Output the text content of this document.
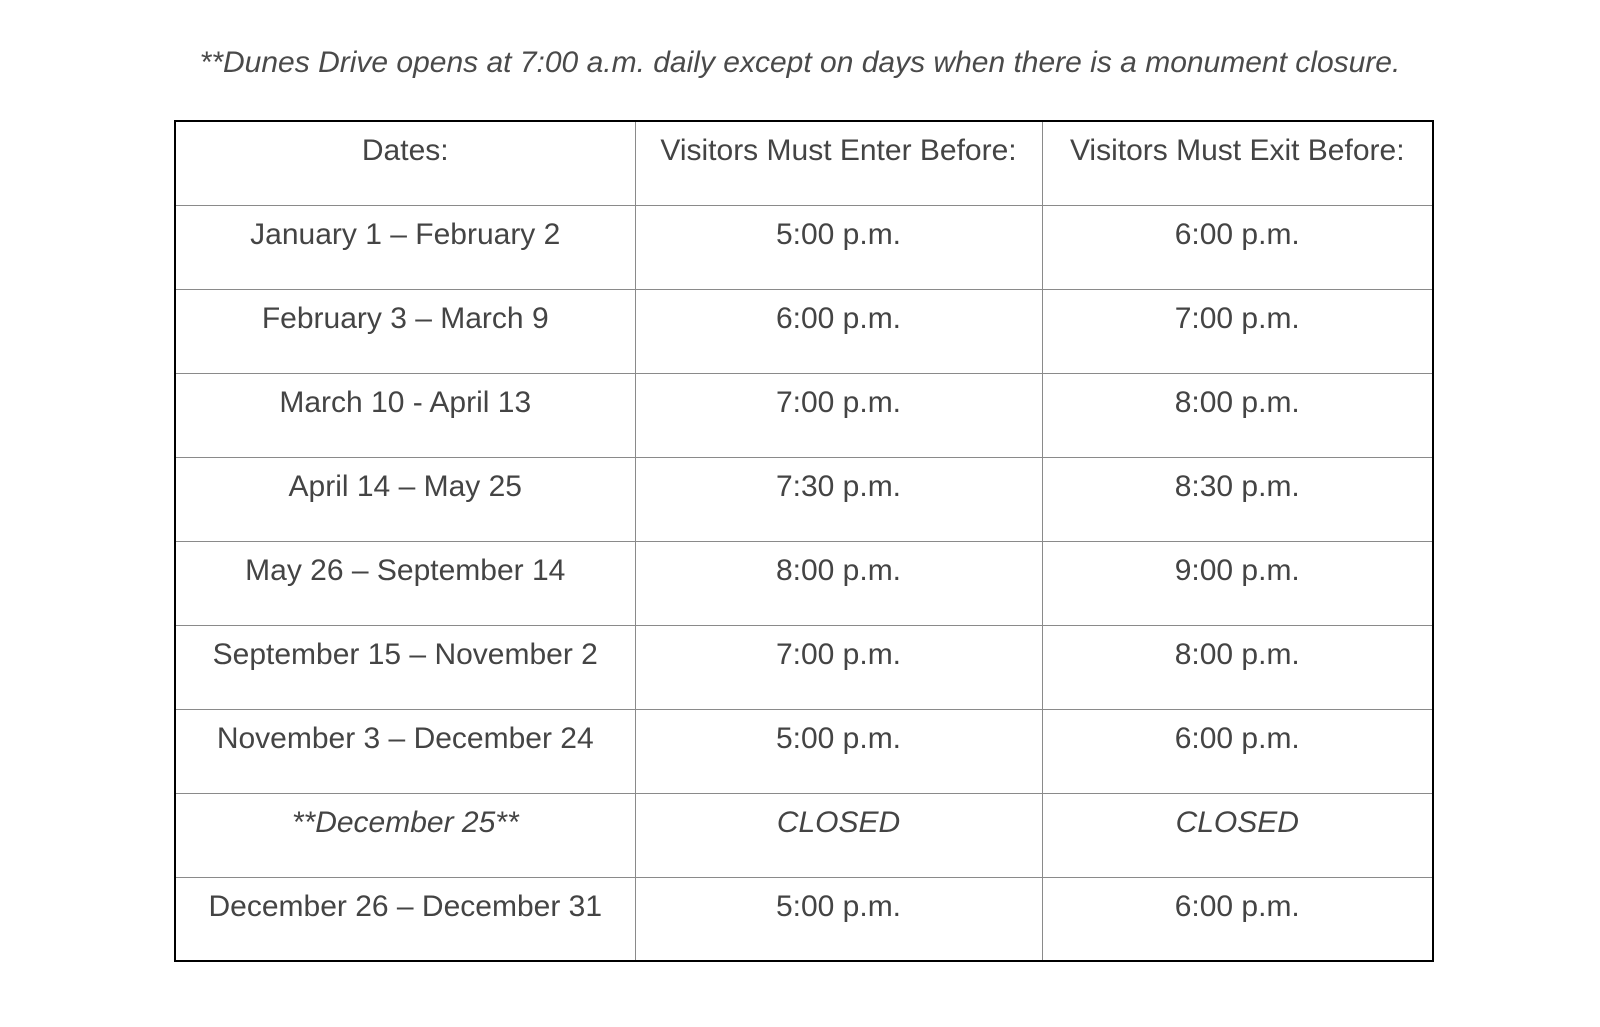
**Dunes Drive opens at 7:00 a.m. daily except on days when there is a monument closure.

Dates:	Visitors Must Enter Before:	Visitors Must Exit Before:
January 1 – February 2	5:00 p.m.	6:00 p.m.
February 3 – March 9	6:00 p.m.	7:00 p.m.
March 10 - April 13	7:00 p.m.	8:00 p.m.
April 14 – May 25	7:30 p.m.	8:30 p.m.
May 26 – September 14	8:00 p.m.	9:00 p.m.
September 15 – November 2	7:00 p.m.	8:00 p.m.
November 3 – December 24	5:00 p.m.	6:00 p.m.
**December 25**	CLOSED	CLOSED
December 26 – December 31	5:00 p.m.	6:00 p.m.
